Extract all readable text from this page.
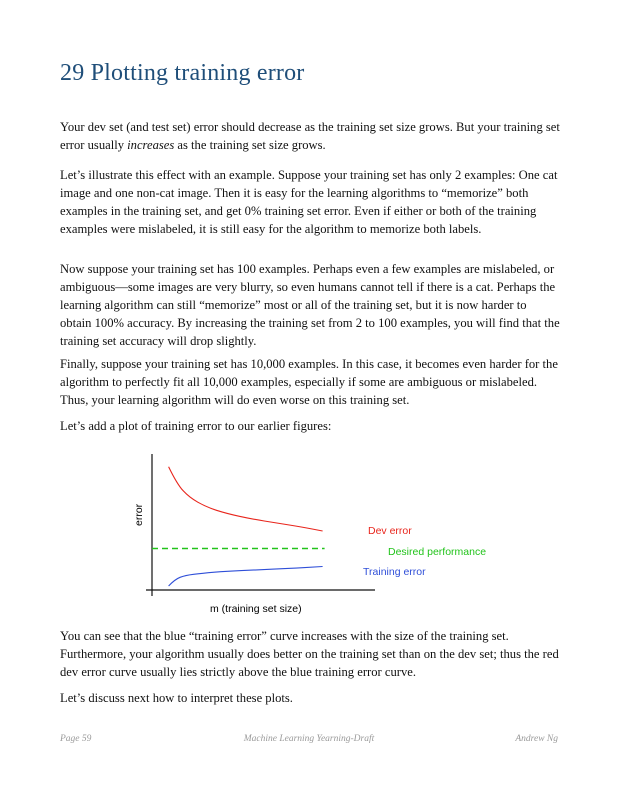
29 Plotting training error

Your dev set (and test set) error should decrease as the training set size grows. But your training set error usually increases as the training set size grows.

Let’s illustrate this effect with an example. Suppose your training set has only 2 examples: One cat image and one non-cat image. Then it is easy for the learning algorithms to “memorize” both examples in the training set, and get 0% training set error. Even if either or both of the training examples were mislabeled, it is still easy for the algorithm to memorize both labels.

Now suppose your training set has 100 examples. Perhaps even a few examples are mislabeled, or ambiguous—some images are very blurry, so even humans cannot tell if there is a cat. Perhaps the learning algorithm can still “memorize” most or all of the training set, but it is now harder to obtain 100% accuracy. By increasing the training set from 2 to 100 examples, you will find that the training set accuracy will drop slightly.

Finally, suppose your training set has 10,000 examples. In this case, it becomes even harder for the algorithm to perfectly fit all 10,000 examples, especially if some are ambiguous or mislabeled. Thus, your learning algorithm will do even worse on this training set.

Let’s add a plot of training error to our earlier figures:

Dev error
Desired performance
Training error
m (training set size)
error

You can see that the blue “training error” curve increases with the size of the training set. Furthermore, your algorithm usually does better on the training set than on the dev set; thus the red dev error curve usually lies strictly above the blue training error curve.

Let’s discuss next how to interpret these plots.

Page 59	Machine Learning Yearning-Draft	Andrew Ng
